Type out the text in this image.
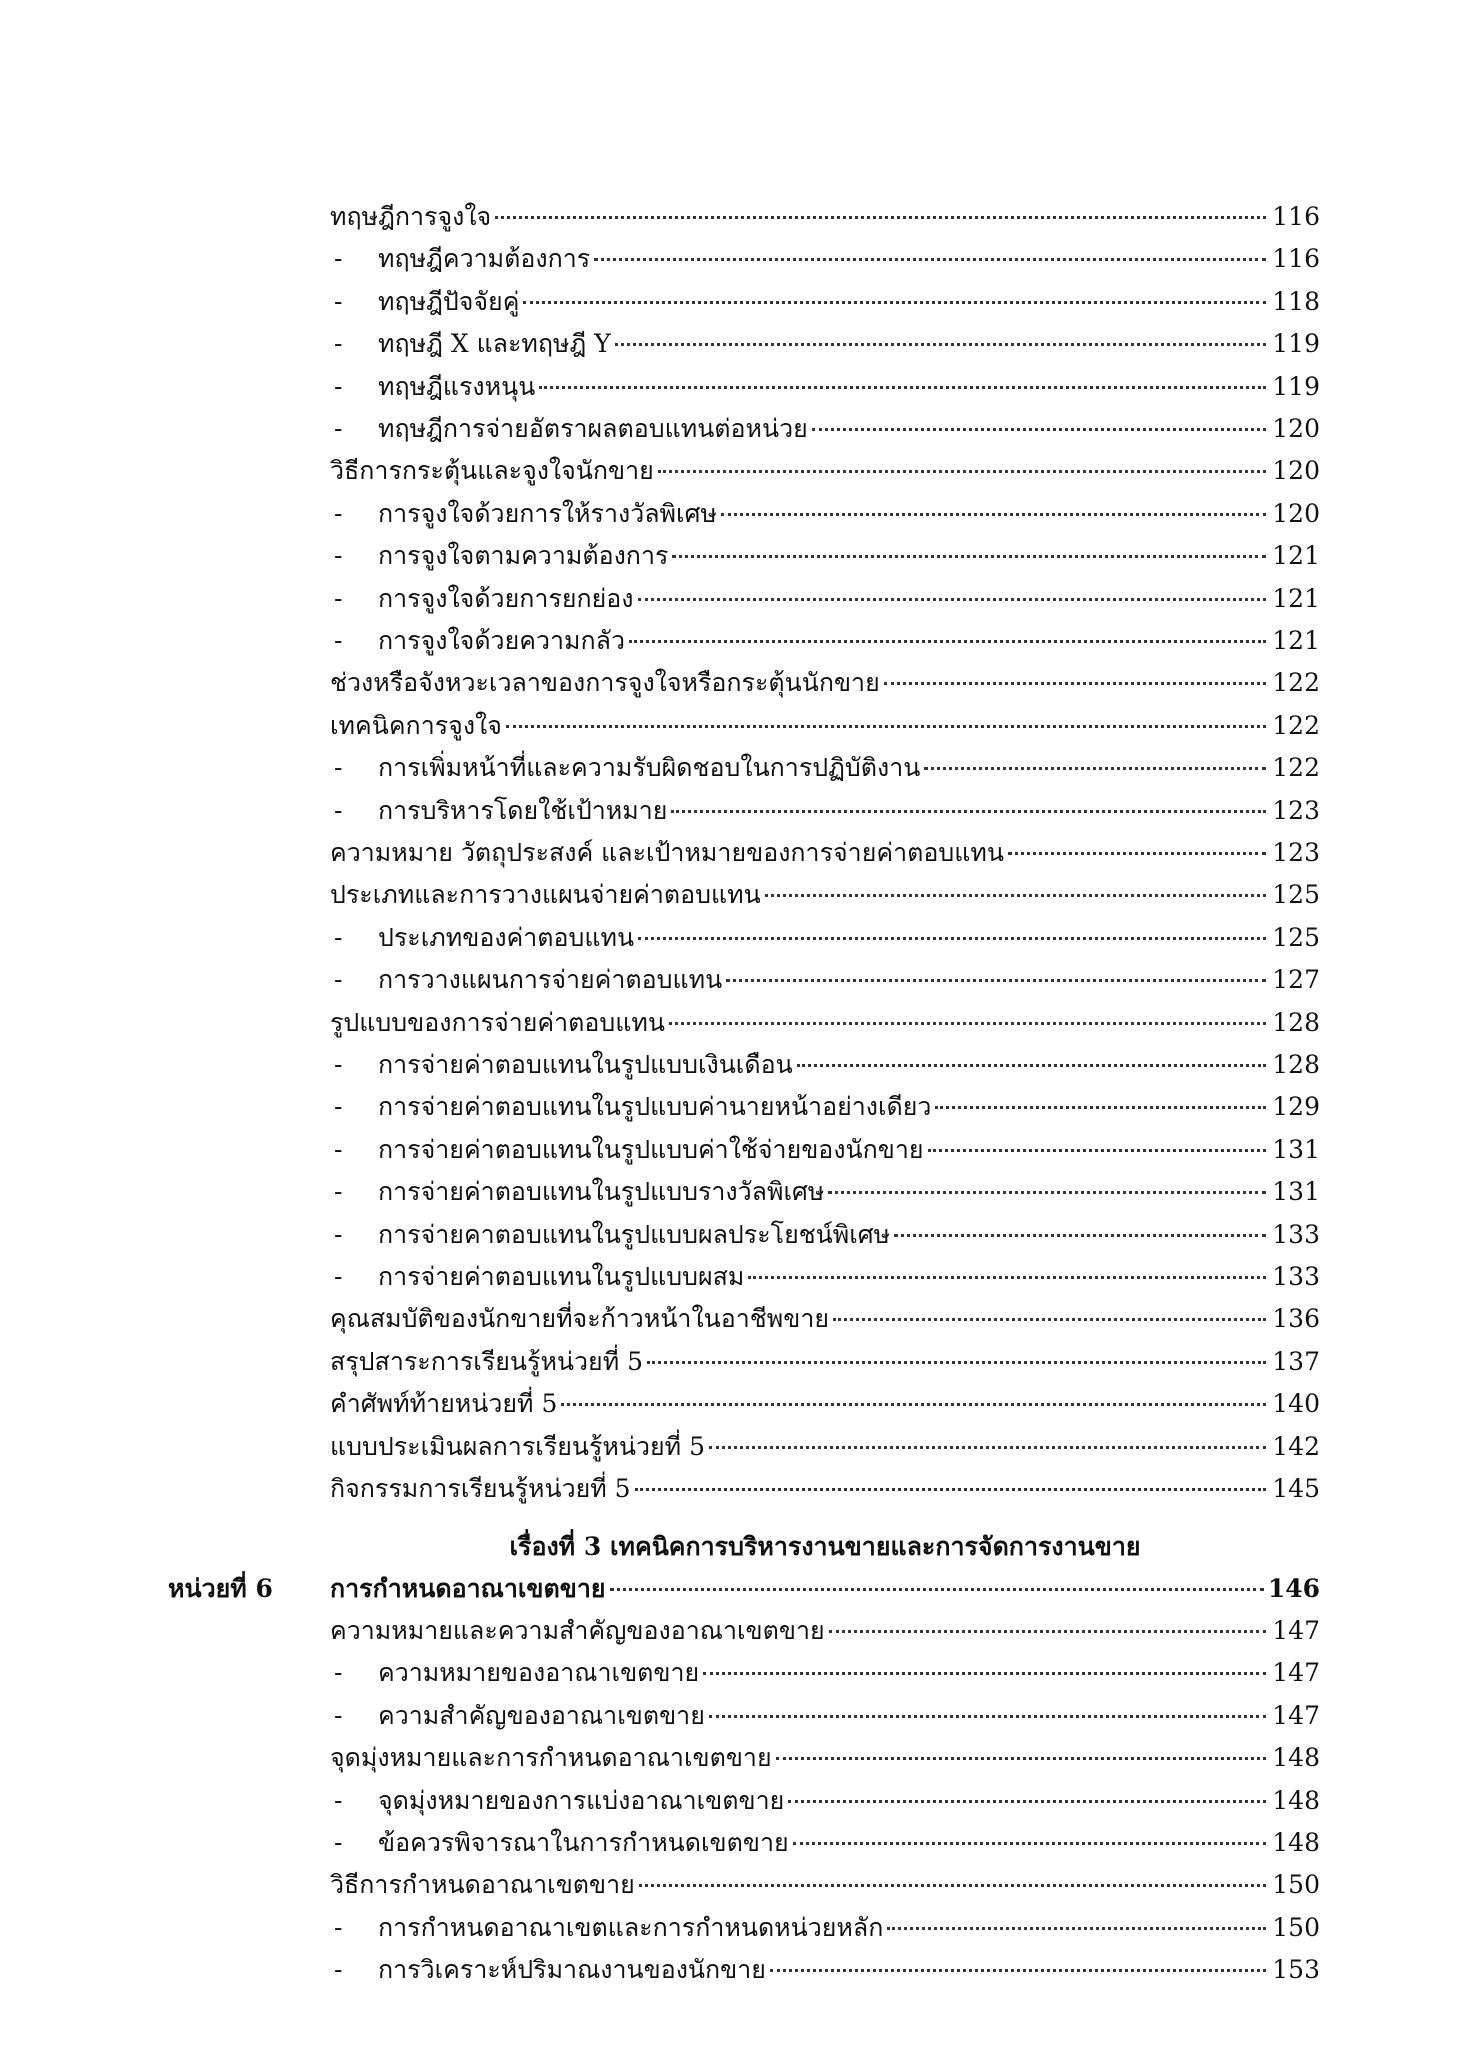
ทฤษฎีการจูงใจ	116
-	ทฤษฎีความต้องการ	116
-	ทฤษฎีปัจจัยคู่	118
-	ทฤษฎี X และทฤษฎี Y	119
-	ทฤษฎีแรงหนุน	119
-	ทฤษฎีการจ่ายอัตราผลตอบแทนต่อหน่วย	120
วิธีการกระตุ้นและจูงใจนักขาย	120
-	การจูงใจด้วยการให้รางวัลพิเศษ	120
-	การจูงใจตามความต้องการ	121
-	การจูงใจด้วยการยกย่อง	121
-	การจูงใจด้วยความกลัว	121
ช่วงหรือจังหวะเวลาของการจูงใจหรือกระตุ้นนักขาย	122
เทคนิคการจูงใจ	122
-	การเพิ่มหน้าที่และความรับผิดชอบในการปฏิบัติงาน	122
-	การบริหารโดยใช้เป้าหมาย	123
ความหมาย วัตถุประสงค์ และเป้าหมายของการจ่ายค่าตอบแทน	123
ประเภทและการวางแผนจ่ายค่าตอบแทน	125
-	ประเภทของค่าตอบแทน	125
-	การวางแผนการจ่ายค่าตอบแทน	127
รูปแบบของการจ่ายค่าตอบแทน	128
-	การจ่ายค่าตอบแทนในรูปแบบเงินเดือน	128
-	การจ่ายค่าตอบแทนในรูปแบบค่านายหน้าอย่างเดียว	129
-	การจ่ายค่าตอบแทนในรูปแบบค่าใช้จ่ายของนักขาย	131
-	การจ่ายค่าตอบแทนในรูปแบบรางวัลพิเศษ	131
-	การจ่ายคาตอบแทนในรูปแบบผลประโยชน์พิเศษ	133
-	การจ่ายค่าตอบแทนในรูปแบบผสม	133
คุณสมบัติของนักขายที่จะก้าวหน้าในอาชีพขาย	136
สรุปสาระการเรียนรู้หน่วยที่ 5	137
คำศัพท์ท้ายหน่วยที่ 5	140
แบบประเมินผลการเรียนรู้หน่วยที่ 5	142
กิจกรรมการเรียนรู้หน่วยที่ 5	145
เรื่องที่ 3 เทคนิคการบริหารงานขายและการจัดการงานขาย
หน่วยที่ 6 การกำหนดอาณาเขตขาย	146
ความหมายและความสำคัญของอาณาเขตขาย	147
-	ความหมายของอาณาเขตขาย	147
-	ความสำคัญของอาณาเขตขาย	147
จุดมุ่งหมายและการกำหนดอาณาเขตขาย	148
-	จุดมุ่งหมายของการแบ่งอาณาเขตขาย	148
-	ข้อควรพิจารณาในการกำหนดเขตขาย	148
วิธีการกำหนดอาณาเขตขาย	150
-	การกำหนดอาณาเขตและการกำหนดหน่วยหลัก	150
-	การวิเคราะห์ปริมาณงานของนักขาย	153
